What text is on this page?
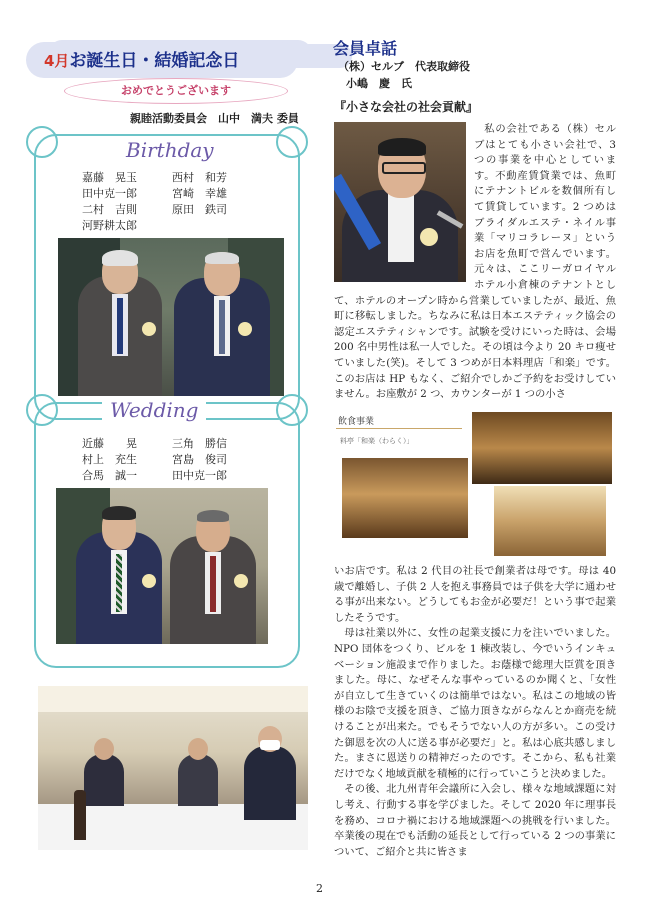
4月お誕生日・結婚記念日
おめでとうございます
親睦活動委員会　山中　満夫 委員
Birthday
嘉藤　晃玉	西村　和芳
田中克一郎	宮崎　幸雄
二村　吉則	原田　鉄司
河野耕太郎
Wedding
近藤　　晃	三角　勝信
村上　充生	宮島　俊司
合馬　誠一	田中克一郎
会員卓話
（株）セルブ　代表取締役
小嶋　慶　氏
『小さな会社の社会貢献』

私の会社である（株）セルブはとても小さい会社で、3 つの事業を中心としています。不動産賃貸業では、魚町にテナントビルを数個所有して賃貸しています。2 つめはブライダルエステ・ネイル事業「マリコラレーヌ」というお店を魚町で営んでいます。元々は、ここリーガロイヤルホテル小倉棟のテナントとして、ホテルのオープン時から営業していましたが、最近、魚町に移転しました。ちなみに私は日本エステティック協会の認定エステティシャンです。試験を受けにいった時は、会場 200 名中男性は私一人でした。その頃は今より 20 キロ痩せていました(笑)。そして 3 つめが日本料理店「和楽」です。このお店は HP もなく、ご紹介でしかご予約をお受けしていません。お座敷が 2 つ、カウンターが 1 つの小さ

飲食事業
料亭「和楽（わらく）」

いお店です。私は 2 代目の社長で創業者は母です。母は 40 歳で離婚し、子供 2 人を抱え事務員では子供を大学に通わせる事が出来ない。どうしてもお金が必要だ！という事で起業したそうです。

母は社業以外に、女性の起業支援に力を注いでいました。NPO 団体をつくり、ビルを 1 棟改装し、今でいうインキュベーション施設まで作りました。お蔭様で総理大臣賞を頂きました。母に、なぜそんな事やっているのか聞くと、「女性が自立して生きていくのは簡単ではない。私はこの地域の皆様のお陰で支援を頂き、ご協力頂きながらなんとか商売を続けることが出来た。でもそうでない人の方が多い。この受けた御恩を次の人に送る事が必要だ」と。私は心底共感しました。まさに恩送りの精神だったのです。そこから、私も社業だけでなく地域貢献を積極的に行っていこうと決めました。

その後、北九州青年会議所に入会し、様々な地域課題に対し考え、行動する事を学びました。そして 2020 年に理事長を務め、コロナ禍における地域課題への挑戦を行いました。卒業後の現在でも活動の延長として行っている 2 つの事業について、ご紹介と共に皆さま

2
